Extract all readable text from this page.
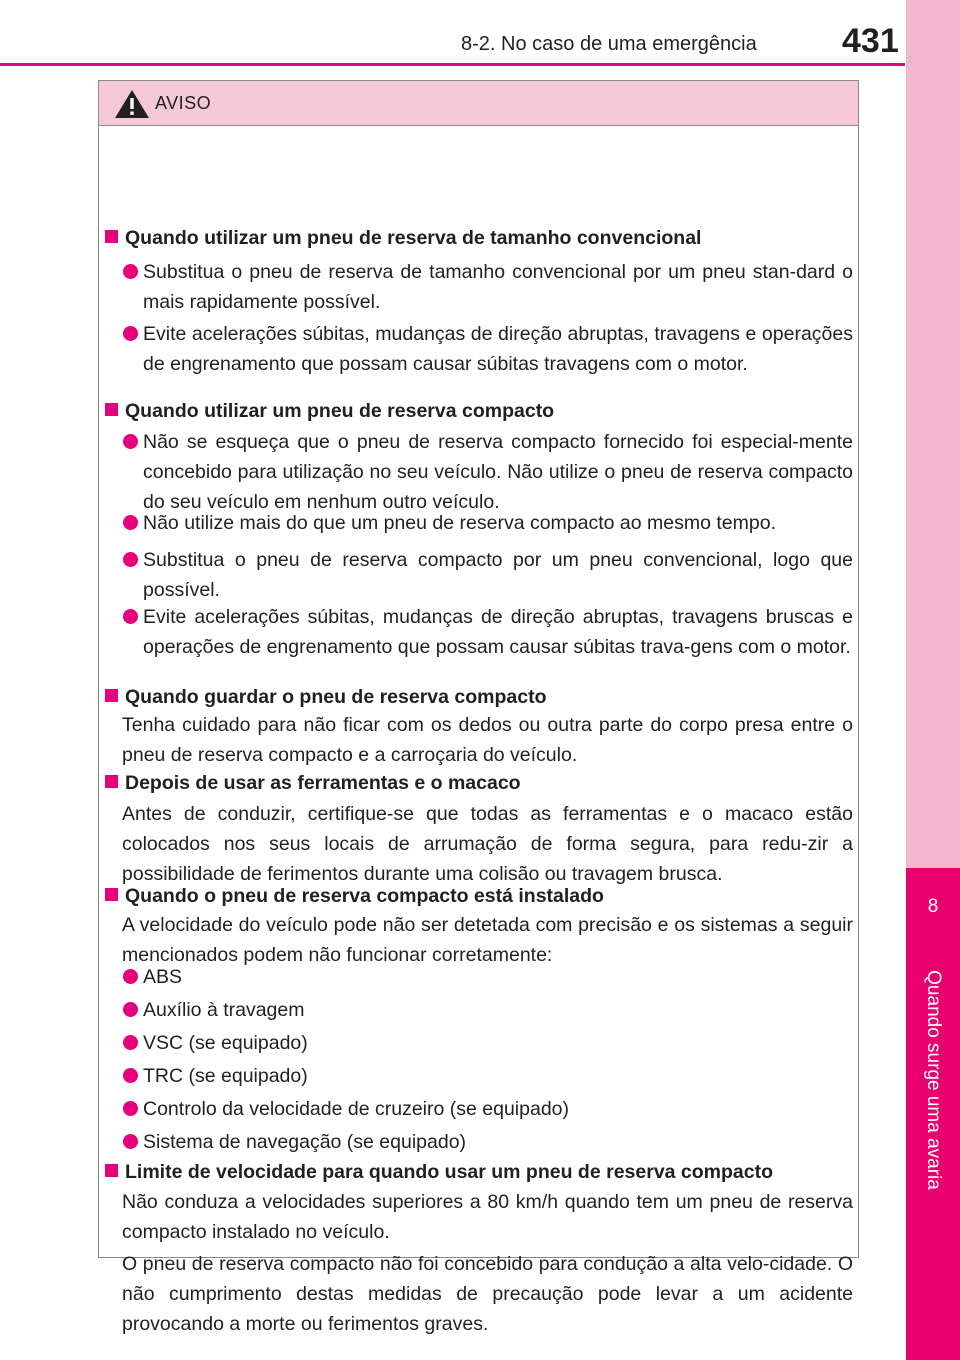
8-2. No caso de uma emergência	431
8
Quando surge uma avaria
AVISO

Quando utilizar um pneu de reserva de tamanho convencional

Substitua o pneu de reserva de tamanho convencional por um pneu stan-dard o mais rapidamente possível.

Evite acelerações súbitas, mudanças de direção abruptas, travagens e operações de engrenamento que possam causar súbitas travagens com o motor.

Quando utilizar um pneu de reserva compacto

Não se esqueça que o pneu de reserva compacto fornecido foi especial-mente concebido para utilização no seu veículo. Não utilize o pneu de reserva compacto do seu veículo em nenhum outro veículo.

Não utilize mais do que um pneu de reserva compacto ao mesmo tempo.

Substitua o pneu de reserva compacto por um pneu convencional, logo que possível.

Evite acelerações súbitas, mudanças de direção abruptas, travagens bruscas e operações de engrenamento que possam causar súbitas trava-gens com o motor.

Quando guardar o pneu de reserva compacto

Tenha cuidado para não ficar com os dedos ou outra parte do corpo presa entre o pneu de reserva compacto e a carroçaria do veículo.

Depois de usar as ferramentas e o macaco

Antes de conduzir, certifique-se que todas as ferramentas e o macaco estão colocados nos seus locais de arrumação de forma segura, para redu-zir a possibilidade de ferimentos durante uma colisão ou travagem brusca.

Quando o pneu de reserva compacto está instalado

A velocidade do veículo pode não ser detetada com precisão e os sistemas a seguir mencionados podem não funcionar corretamente:

ABS

Auxílio à travagem

VSC (se equipado)

TRC (se equipado)

Controlo da velocidade de cruzeiro (se equipado)

Sistema de navegação (se equipado)

Limite de velocidade para quando usar um pneu de reserva compacto

Não conduza a velocidades superiores a 80 km/h quando tem um pneu de reserva compacto instalado no veículo.

O pneu de reserva compacto não foi concebido para condução a alta velo-cidade. O não cumprimento destas medidas de precaução pode levar a um acidente provocando a morte ou ferimentos graves.
